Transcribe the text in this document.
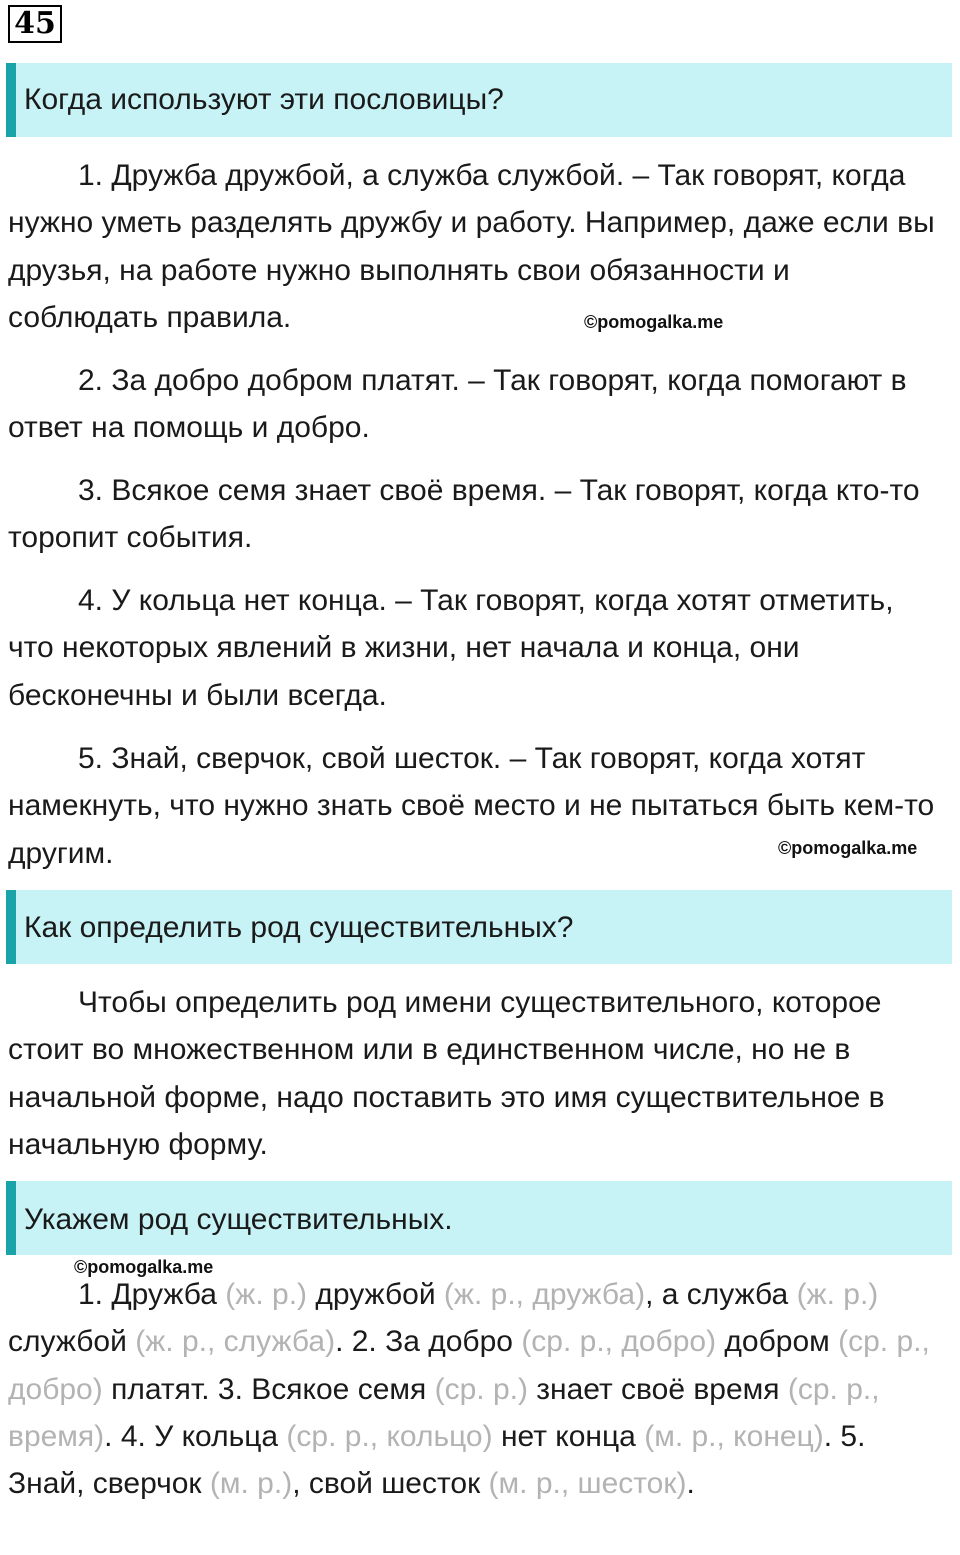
45
Когда используют эти пословицы?

1. Дружба дружбой, а служба службой. – Так говорят, когда нужно уметь разделять дружбу и работу. Например, даже если вы друзья, на работе нужно выполнять свои обязанности и соблюдать правила.	©pomogalka.me

2. За добро добром платят. – Так говорят, когда помогают в ответ на помощь и добро.

3. Всякое семя знает своё время. – Так говорят, когда кто-то торопит события.

4. У кольца нет конца. – Так говорят, когда хотят отметить, что некоторых явлений в жизни, нет начала и конца, они бесконечны и были всегда.

5. Знай, сверчок, свой шесток. – Так говорят, когда хотят намекнуть, что нужно знать своё место и не пытаться быть кем-то другим.	©pomogalka.me
Как определить род существительных?

Чтобы определить род имени существительного, которое стоит во множественном или в единственном числе, но не в начальной форме, надо поставить это имя существительное в начальную форму.

Укажем род существительных.
©pomogalka.me

1. Дружба (ж. р.) дружбой (ж. р., дружба), а служба (ж. р.) службой (ж. р., служба). 2. За добро (ср. р., добро) добром (ср. р., добро) платят. 3. Всякое семя (ср. р.) знает своё время (ср. р., время). 4. У кольца (ср. р., кольцо) нет конца (м. р., конец). 5. Знай, сверчок (м. р.), свой шесток (м. р., шесток).
